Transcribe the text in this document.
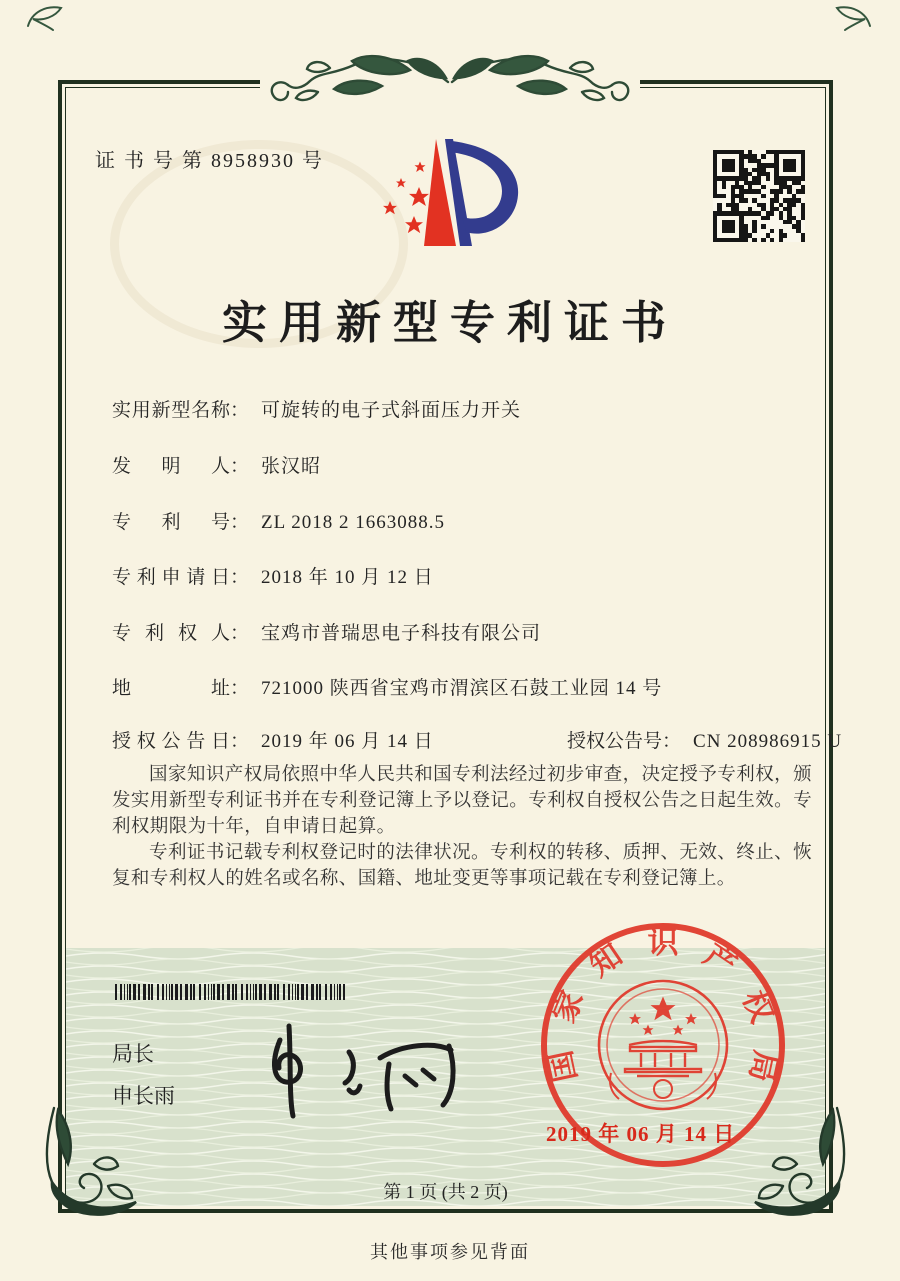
证 书 号 第 8958930 号
实用新型专利证书
实用新型名称： 可旋转的电子式斜面压力开关
发明人： 张汉昭
专利号： ZL 2018 2 1663088.5
专利申请日： 2018 年 10 月 12 日
专利权人： 宝鸡市普瑞思电子科技有限公司
地址： 721000 陕西省宝鸡市渭滨区石鼓工业园 14 号
授权公告日： 2019 年 06 月 14 日	授权公告号： CN 208986915 U

国家知识产权局依照中华人民共和国专利法经过初步审查，决定授予专利权，颁发实用新型专利证书并在专利登记簿上予以登记。专利权自授权公告之日起生效。专利权期限为十年，自申请日起算。

专利证书记载专利权登记时的法律状况。专利权的转移、质押、无效、终止、恢复和专利权人的姓名或名称、国籍、地址变更等事项记载在专利登记簿上。

局长
申长雨
国
家
知 识 产
权
局
2019 年 06 月 14 日
第 1 页 (共 2 页)
其他事项参见背面
